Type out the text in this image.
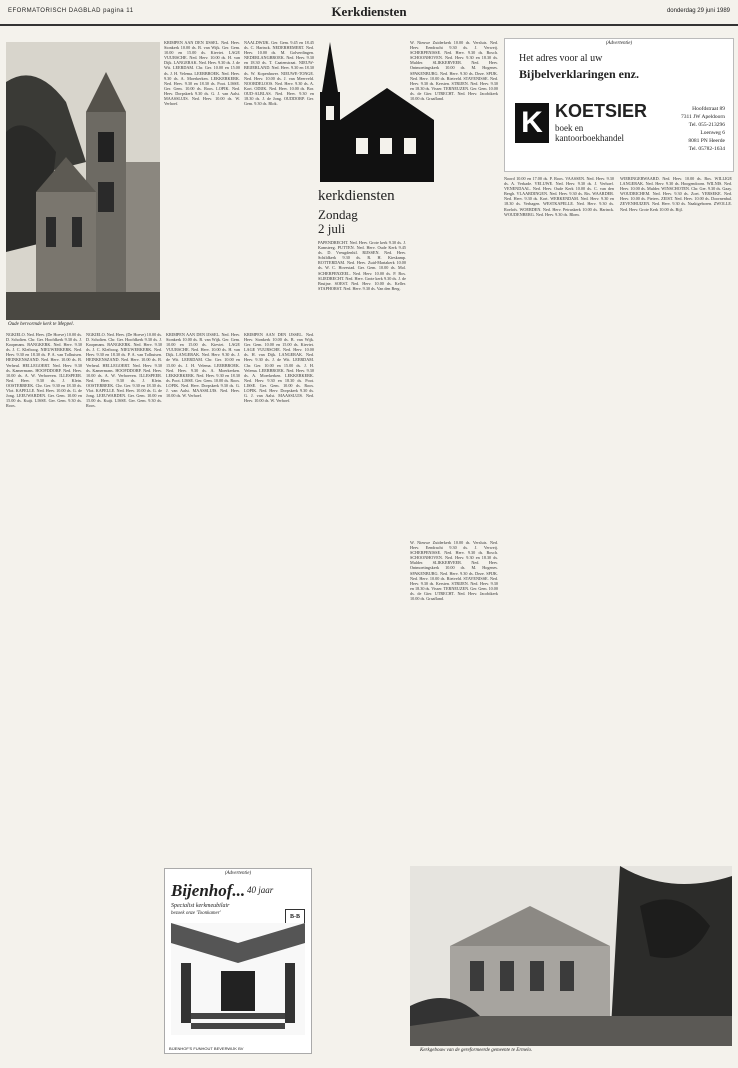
EFORMATORISCH DAGBLAD pagina 11	Kerkdiensten	donderdag 29 juni 1989
Oude hervormde kerk te Meppel.

NGKIELO. Ned. Herv. (De Hoeve) 10.00 ds. D. Scholten. Chr. Ger. Hoofdkerk 9.30 ds. J. Koopmans. BANGKERK. Ned. Herv. 9.30 ds. J. C. Kleiboog. NIEUWERKERK. Ned. Herv. 9.30 en 18.30 ds. P. A. van Tolhuisen. HEINKENSZAND. Ned. Herv. 10.00 ds. B. Verheul. HELLEGOERT. Ned. Herv. 9.30 ds. Kamermans. HOOFDDORP. Ned. Herv. 10.00 ds. A. W. Verhoeven. ILLESPEER. Ned. Herv. 9.30 ds. J. Klein. OOSTERBEEK. Chr. Ger. 9.30 en 18.30 ds. Vlot. KAPELLE. Ned. Herv. 10.00 ds. G. de Jong. LEEUWARDEN. Ger. Gem. 10.00 en 15.00 ds. Kuijt. LISSE. Ger. Gem. 9.30 ds. Roos.

NGKIELO. Ned. Herv. (De Hoeve) 10.00 ds. D. Scholten. Chr. Ger. Hoofdkerk 9.30 ds. J. Koopmans. BANGKERK. Ned. Herv. 9.30 ds. J. C. Kleiboog. NIEUWERKERK. Ned. Herv. 9.30 en 18.30 ds. P. A. van Tolhuisen. HEINKENSZAND. Ned. Herv. 10.00 ds. B. Verheul. HELLEGOERT. Ned. Herv. 9.30 ds. Kamermans. HOOFDDORP. Ned. Herv. 10.00 ds. A. W. Verhoeven. ILLESPEER. Ned. Herv. 9.30 ds. J. Klein. OOSTERBEEK. Chr. Ger. 9.30 en 18.30 ds. Vlot. KAPELLE. Ned. Herv. 10.00 ds. G. de Jong. LEEUWARDEN. Ger. Gem. 10.00 en 15.00 ds. Kuijt. LISSE. Ger. Gem. 9.30 ds. Roos.

KRIMPEN AAN DEN IJSSEL. Ned. Herv. Sionkerk 10.00 ds. B. van Wijk. Ger. Gem. 10.00 en 15.00 ds. Kieviet. LAGE VUURSCHE. Ned. Herv. 10.00 ds. H. van Dijk. LANGERAK. Ned. Herv. 9.30 ds. J. de Wit. LEERDAM. Chr. Ger. 10.00 en 15.00 ds. J. H. Velema. LEERBROEK. Ned. Herv. 9.30 ds. A. Moerkerken. LEKKERKERK. Ned. Herv. 9.30 en 18.30 ds. Poot. LISSE. Ger. Gem. 10.00 ds. Roos. LOPIK. Ned. Herv. Dorpskerk 9.30 ds. G. J. van Aalst. MAASSLUIS. Ned. Herv. 10.00 ds. W. Verhoef.

KRIMPEN AAN DEN IJSSEL. Ned. Herv. Sionkerk 10.00 ds. B. van Wijk. Ger. Gem. 10.00 en 15.00 ds. Kieviet. LAGE VUURSCHE. Ned. Herv. 10.00 ds. H. van Dijk. LANGERAK. Ned. Herv. 9.30 ds. J. de Wit. LEERDAM. Chr. Ger. 10.00 en 15.00 ds. J. H. Velema. LEERBROEK. Ned. Herv. 9.30 ds. A. Moerkerken. LEKKERKERK. Ned. Herv. 9.30 en 18.30 ds. Poot. LISSE. Ger. Gem. 10.00 ds. Roos. LOPIK. Ned. Herv. Dorpskerk 9.30 ds. G. J. van Aalst. MAASSLUIS. Ned. Herv. 10.00 ds. W. Verhoef.

KRIMPEN AAN DEN IJSSEL. Ned. Herv. Sionkerk 10.00 ds. B. van Wijk. Ger. Gem. 10.00 en 15.00 ds. Kieviet. LAGE VUURSCHE. Ned. Herv. 10.00 ds. H. van Dijk. LANGERAK. Ned. Herv. 9.30 ds. J. de Wit. LEERDAM. Chr. Ger. 10.00 en 15.00 ds. J. H. Velema. LEERBROEK. Ned. Herv. 9.30 ds. A. Moerkerken. LEKKERKERK. Ned. Herv. 9.30 en 18.30 ds. Poot. LISSE. Ger. Gem. 10.00 ds. Roos. LOPIK. Ned. Herv. Dorpskerk 9.30 ds. G. J. van Aalst. MAASSLUIS. Ned. Herv. 10.00 ds. W. Verhoef.

NAALDWIJK. Ger. Gem. 9.45 en 18.45 ds. C. Harinck. NEDERHEMERT. Ned. Herv. 10.00 ds. M. Golverdingen. NEDERLANGBROEK. Ned. Herv. 9.30 en 18.30 ds. T. Caatenstraat. NIEUW-BEIJERLAND. Ned. Herv. 9.30 en 18.30 ds. W. Kopenhaver. NIEUWE-TONGE. Ned. Herv. 10.00 ds. J. van Meerveld. NOORDELOOS. Ned. Herv. 9.30 ds. A. Kort. ODIJK. Ned. Herv. 10.00 ds. Bor. OUD-ALBLAS. Ned. Herv. 9.30 en 18.30 ds. J. de Jong. OUDDORP. Ger. Gem. 9.30 ds. Blok.

kerkdiensten
Zondag
2 juli

PAPENDRECHT. Ned. Herv. Grote kerk 9.30 ds. J. Kamsteeg. PUTTEN. Ned. Herv. Oude Kerk 9.45 ds. D. Vreugdenhil. RIJSSEN. Ned. Herv. Schildkerk 9.30 ds. R. H. Kieskamp. ROTTERDAM. Ned. Herv. Zuid-Mariakerk 10.00 ds. W. C. Hovestad. Ger. Gem. 10.00 ds. Mol. SCHERPENZEEL. Ned. Herv. 10.00 ds. P. Bos. SLIEDRECHT. Ned. Herv. Grote kerk 9.30 ds. J. de Bruijne. SOEST. Ned. Herv. 10.00 ds. Keller. STAPHORST. Ned. Herv. 9.30 ds. Van den Berg.

W. Nieuwe Zuiderkerk 10.00 ds. Versluis. Ned. Herv. Eendracht 9.30 ds. J. Verweij. SCHERPENISSE. Ned. Herv. 9.30 ds. Bosch. SCHOONHOVEN. Ned. Herv. 9.30 en 18.30 ds. Mulder. SLIKKERVEER. Ned. Herv. Ontmoetingskerk 10.00 ds. M. Hogenes. SPAKENBURG. Ned. Herv. 9.30 ds. Deze. SPIJK. Ned. Herv. 10.00 ds. Rietveld. STAVENISSE. Ned. Herv. 9.30 ds. Kersten. STRIJEN. Ned. Herv. 9.30 en 18.30 ds. Visser. TERNEUZEN. Ger. Gem. 10.00 ds. de Gier. UTRECHT. Ned. Herv. Jacobikerk 10.00 ds. Graafland.

W. Nieuwe Zuiderkerk 10.00 ds. Versluis. Ned. Herv. Eendracht 9.30 ds. J. Verweij. SCHERPENISSE. Ned. Herv. 9.30 ds. Bosch. SCHOONHOVEN. Ned. Herv. 9.30 en 18.30 ds. Mulder. SLIKKERVEER. Ned. Herv. Ontmoetingskerk 10.00 ds. M. Hogenes. SPAKENBURG. Ned. Herv. 9.30 ds. Deze. SPIJK. Ned. Herv. 10.00 ds. Rietveld. STAVENISSE. Ned. Herv. 9.30 ds. Kersten. STRIJEN. Ned. Herv. 9.30 en 18.30 ds. Visser. TERNEUZEN. Ger. Gem. 10.00 ds. de Gier. UTRECHT. Ned. Herv. Jacobikerk 10.00 ds. Graafland.

(Advertentie)
Het adres voor al uw
Bijbelverklaringen enz.
K KOETSIER
boek en
kantoorboekhandel
Hoofdstraat 89
7311 JW Apeldoorn
Tel. 055-213296
Loenweg 6
8081 PN Heerde
Tel. 05782-1634

Noord 10.00 en 17.00 ds. P. Roos. VAASSEN. Ned. Herv. 9.30 ds. A. Verkade. VELUWE. Ned. Herv. 9.30 ds. J. Verhoef. VENENDAAL. Ned. Herv. Oude Kerk 10.00 ds. C. van den Bergh. VLAARDINGEN. Ned. Herv. 9.30 ds. Ris. WAARDER. Ned. Herv. 9.30 ds. Kort. WERKENDAM. Ned. Herv. 9.30 en 18.30 ds. Verhagen. WESTKAPELLE. Ned. Herv. 9.30 ds. Roelofs. WOERDEN. Ned. Herv. Petruskerk 10.00 ds. Harinck. WOUDENBERG. Ned. Herv. 9.30 ds. Blom.

WIERINGERWAARD. Ned. Herv. 10.00 ds. Bos. WILLIGE LANGERAK. Ned. Herv. 9.30 ds. Hoogendoorn. WILNIS. Ned. Herv. 10.00 ds. Mulder. WINSCHOTEN. Chr. Ger. 9.30 ds. Gaay. WOUDRICHEM. Ned. Herv. 9.30 ds. Zoet. YERSEKE. Ned. Herv. 10.00 ds. Pieters. ZEIST. Ned. Herv. 10.00 ds. Doornenbal. ZEVENHUIZEN. Ned. Herv. 9.30 ds. Naaktgeboren. ZWOLLE. Ned. Herv. Grote Kerk 10.00 ds. Bijl.

Kerkgebouw van de gereformeerde gemeente te Ermelo.
(Advertentie)
Bijenhof... 40 jaar
Specialist kerkmeubilair
bezoek onze 'Toonkamer'
B-B
BIJENHOF'S FUNHOUT BEVERWIJK BV
